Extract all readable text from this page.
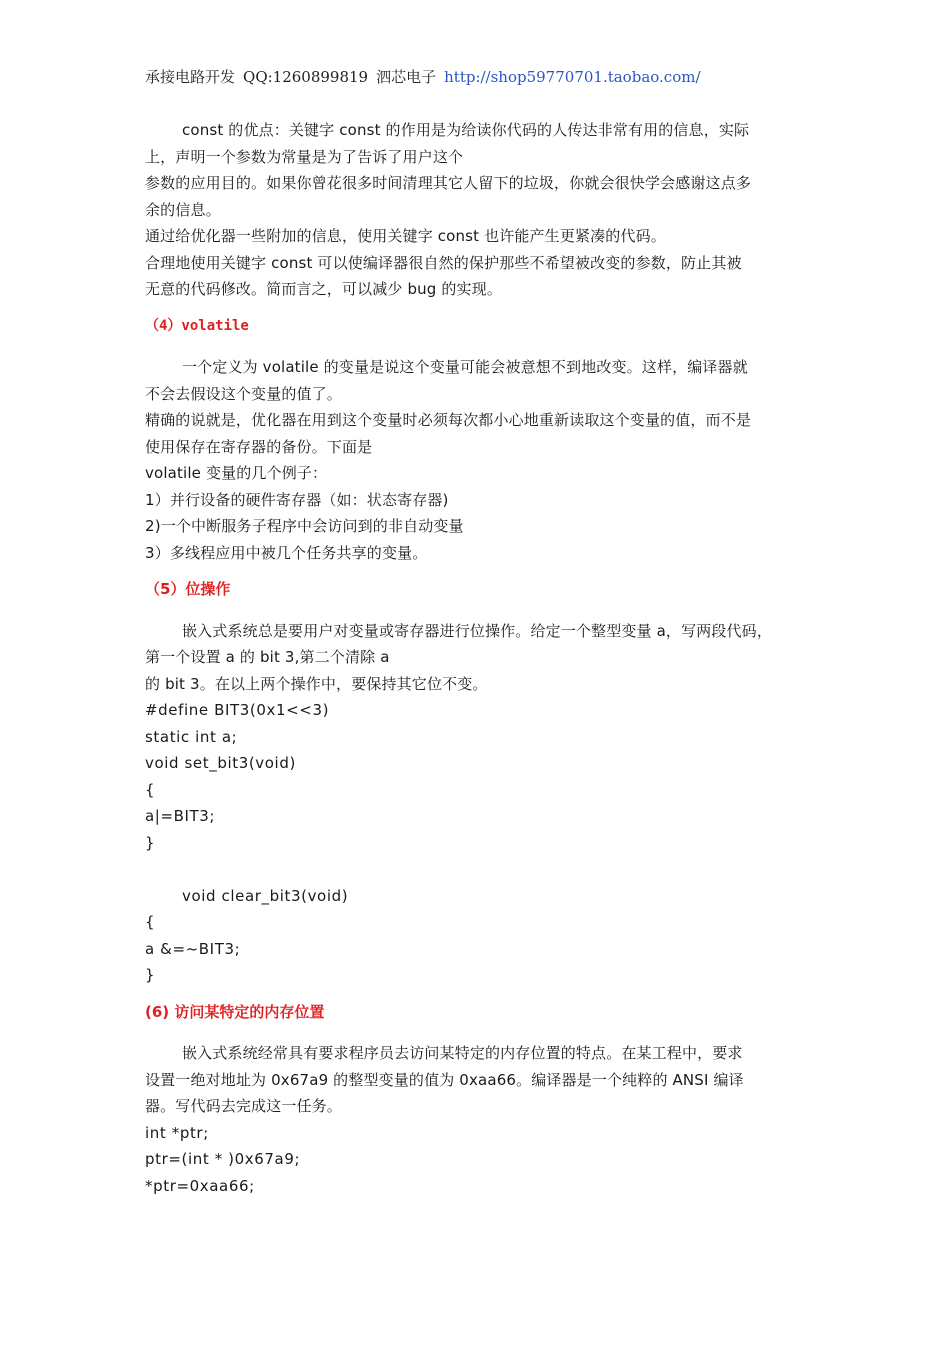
承接电路开发 QQ:1260899819 泗芯电子 http://shop59770701.taobao.com/
const 的优点：关键字 const 的作用是为给读你代码的人传达非常有用的信息，实际
上，声明一个参数为常量是为了告诉了用户这个
参数的应用目的。如果你曾花很多时间清理其它人留下的垃圾，你就会很快学会感谢这点多
余的信息。
通过给优化器一些附加的信息，使用关键字 const 也许能产生更紧凑的代码。
合理地使用关键字 const 可以使编译器很自然的保护那些不希望被改变的参数，防止其被
无意的代码修改。简而言之，可以减少 bug 的实现。
（4）volatile
一个定义为 volatile 的变量是说这个变量可能会被意想不到地改变。这样，编译器就
不会去假设这个变量的值了。
精确的说就是，优化器在用到这个变量时必须每次都小心地重新读取这个变量的值，而不是
使用保存在寄存器的备份。下面是
volatile 变量的几个例子：
1）并行设备的硬件寄存器（如：状态寄存器)
2)一个中断服务子程序中会访问到的非自动变量
3）多线程应用中被几个任务共享的变量。
（5）位操作
嵌入式系统总是要用户对变量或寄存器进行位操作。给定一个整型变量 a，写两段代码，
第一个设置 a 的 bit 3,第二个清除 a
的 bit 3。在以上两个操作中，要保持其它位不变。
#define BIT3(0x1<<3)
static int a;
void set_bit3(void)
{
a|=BIT3;
}
void clear_bit3(void)
{
a &=~BIT3;
}
(6) 访问某特定的内存位置
嵌入式系统经常具有要求程序员去访问某特定的内存位置的特点。在某工程中，要求
设置一绝对地址为 0x67a9 的整型变量的值为 0xaa66。编译器是一个纯粹的 ANSI 编译
器。写代码去完成这一任务。
int *ptr;
ptr=(int * )0x67a9;
*ptr=0xaa66;
